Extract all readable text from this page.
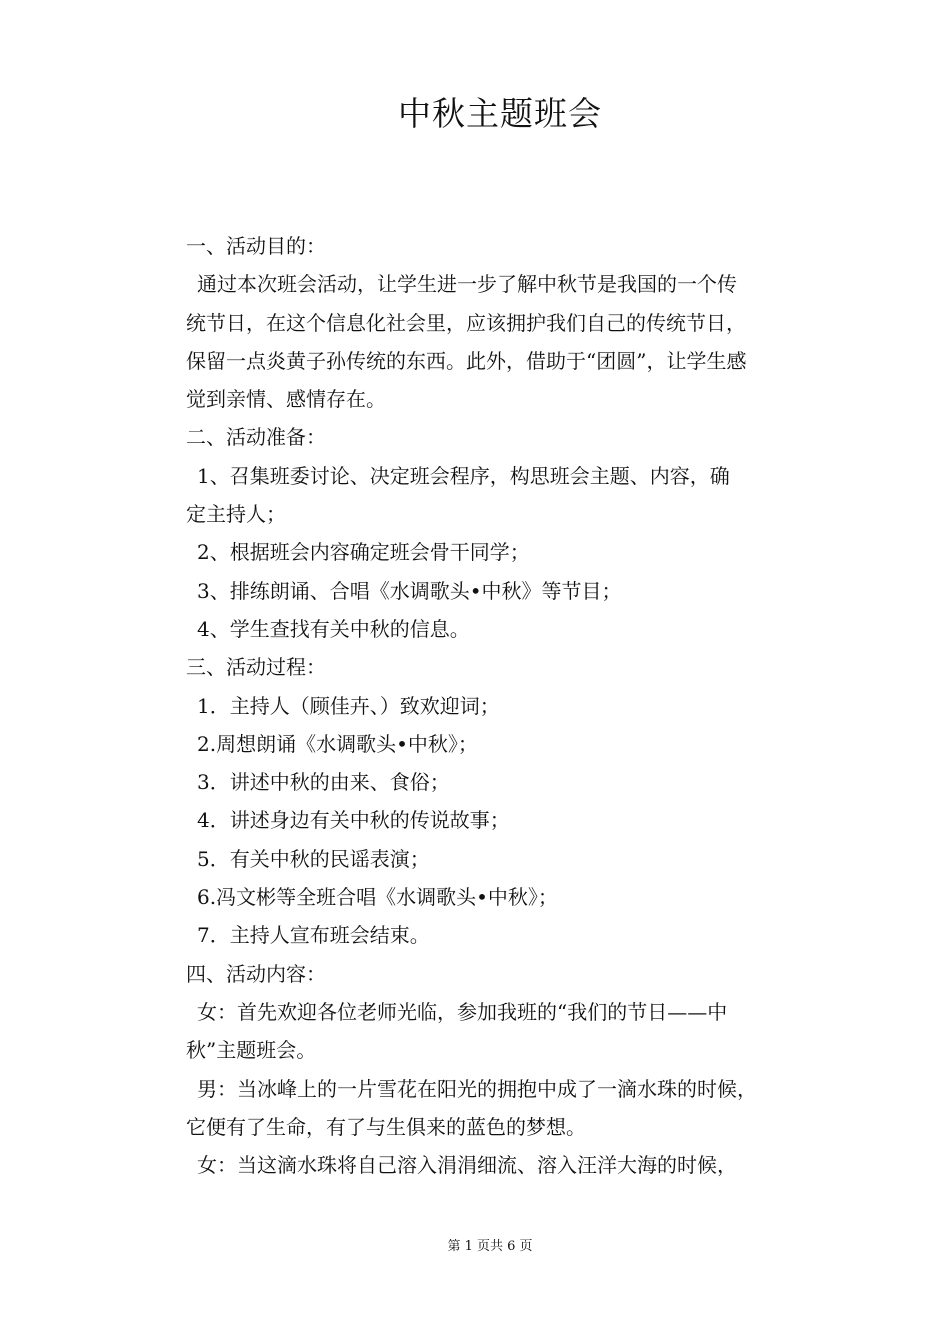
中秋主题班会
一、活动目的：
通过本次班会活动，让学生进一步了解中秋节是我国的一个传
统节日，在这个信息化社会里，应该拥护我们自己的传统节日，
保留一点炎黄子孙传统的东西。此外，借助于“团圆”，让学生感
觉到亲情、感情存在。
二、活动准备：
1、召集班委讨论、决定班会程序，构思班会主题、内容，确
定主持人；
2、根据班会内容确定班会骨干同学；
3、排练朗诵、合唱《水调歌头•中秋》等节目；
4、学生查找有关中秋的信息。
三、活动过程：
1．主持人（顾佳卉、）致欢迎词；
2.周想朗诵《水调歌头•中秋》；
3．讲述中秋的由来、食俗；
4．讲述身边有关中秋的传说故事；
5．有关中秋的民谣表演；
6.冯文彬等全班合唱《水调歌头•中秋》；
7．主持人宣布班会结束。
四、活动内容：
女：首先欢迎各位老师光临，参加我班的“我们的节日——中
秋”主题班会。
男：当冰峰上的一片雪花在阳光的拥抱中成了一滴水珠的时候，
它便有了生命，有了与生俱来的蓝色的梦想。
女：当这滴水珠将自己溶入涓涓细流、溶入汪洋大海的时候，
第 1 页共 6 页
